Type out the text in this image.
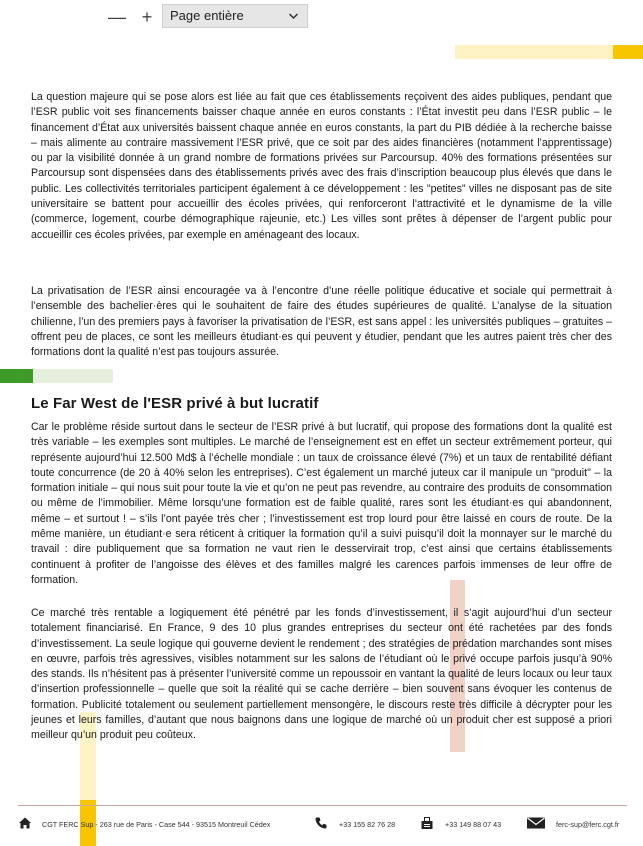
— +	Page entière

La question majeure qui se pose alors est liée au fait que ces établissements reçoivent des aides publiques, pendant que l’ESR public voit ses financements baisser chaque année en euros constants : l’État investit peu dans l’ESR public – le financement d’État aux universités baissent chaque année en euros constants, la part du PIB dédiée à la recherche baisse – mais alimente au contraire massivement l’ESR privé, que ce soit par des aides financières (notamment l’apprentissage) ou par la visibilité donnée à un grand nombre de formations privées sur Parcoursup. 40% des formations présentées sur Parcoursup sont dispensées dans des établissements privés avec des frais d’inscription beaucoup plus élevés que dans le public. Les collectivités territoriales participent également à ce développement : les "petites" villes ne disposant pas de site universitaire se battent pour accueillir des écoles privées, qui renforceront l’attractivité et le dynamisme de la ville (commerce, logement, courbe démographique rajeunie, etc.) Les villes sont prêtes à dépenser de l’argent public pour accueillir ces écoles privées, par exemple en aménageant des locaux.

La privatisation de l’ESR ainsi encouragée va à l’encontre d’une réelle politique éducative et sociale qui permettrait à l’ensemble des bachelier·ères qui le souhaitent de faire des études supérieures de qualité. L’analyse de la situation chilienne, l’un des premiers pays à favoriser la privatisation de l’ESR, est sans appel : les universités publiques – gratuites – offrent peu de places, ce sont les meilleurs étudiant·es qui peuvent y étudier, pendant que les autres paient très cher des formations dont la qualité n’est pas toujours assurée.

Le Far West de l'ESR privé à but lucratif

Car le problème réside surtout dans le secteur de l’ESR privé à but lucratif, qui propose des formations dont la qualité est très variable – les exemples sont multiples. Le marché de l’enseignement est en effet un secteur extrêmement porteur, qui représente aujourd’hui 12.500 Md$ à l’échelle mondiale : un taux de croissance élevé (7%) et un taux de rentabilité défiant toute concurrence (de 20 à 40% selon les entreprises). C’est également un marché juteux car il manipule un "produit" – la formation initiale – qui nous suit pour toute la vie et qu’on ne peut pas revendre, au contraire des produits de consommation ou même de l’immobilier. Même lorsqu’une formation est de faible qualité, rares sont les étudiant·es qui abandonnent, même – et surtout ! – s’ils l’ont payée très cher ; l’investissement est trop lourd pour être laissé en cours de route. De la même manière, un étudiant·e sera réticent à critiquer la formation qu’il a suivi puisqu’il doit la monnayer sur le marché du travail : dire publiquement que sa formation ne vaut rien le desservirait trop, c’est ainsi que certains établissements continuent à profiter de l’angoisse des élèves et des familles malgré les carences parfois immenses de leur offre de formation.

Ce marché très rentable a logiquement été pénétré par les fonds d’investissement, il s’agit aujourd’hui d’un secteur totalement financiarisé. En France, 9 des 10 plus grandes entreprises du secteur ont été rachetées par des fonds d’investissement. La seule logique qui gouverne devient le rendement ; des stratégies de prédation marchandes sont mises en œuvre, parfois très agressives, visibles notamment sur les salons de l’étudiant où le privé occupe parfois jusqu’à 90% des stands. Ils n’hésitent pas à présenter l’université comme un repoussoir en vantant la qualité de leurs locaux ou leur taux d’insertion professionnelle – quelle que soit la réalité qui se cache derrière – bien souvent sans évoquer les contenus de formation. Publicité totalement ou seulement partiellement mensongère, le discours reste très difficile à décrypter pour les jeunes et leurs familles, d’autant que nous baignons dans une logique de marché où un produit cher est supposé a priori meilleur qu’un produit peu coûteux.

CGT FERC Sup - 263 rue de Paris - Case 544 - 93515 Montreuil Cédex	+33 155 82 76 28	+33 149 88 07 43	ferc-sup@ferc.cgt.fr
